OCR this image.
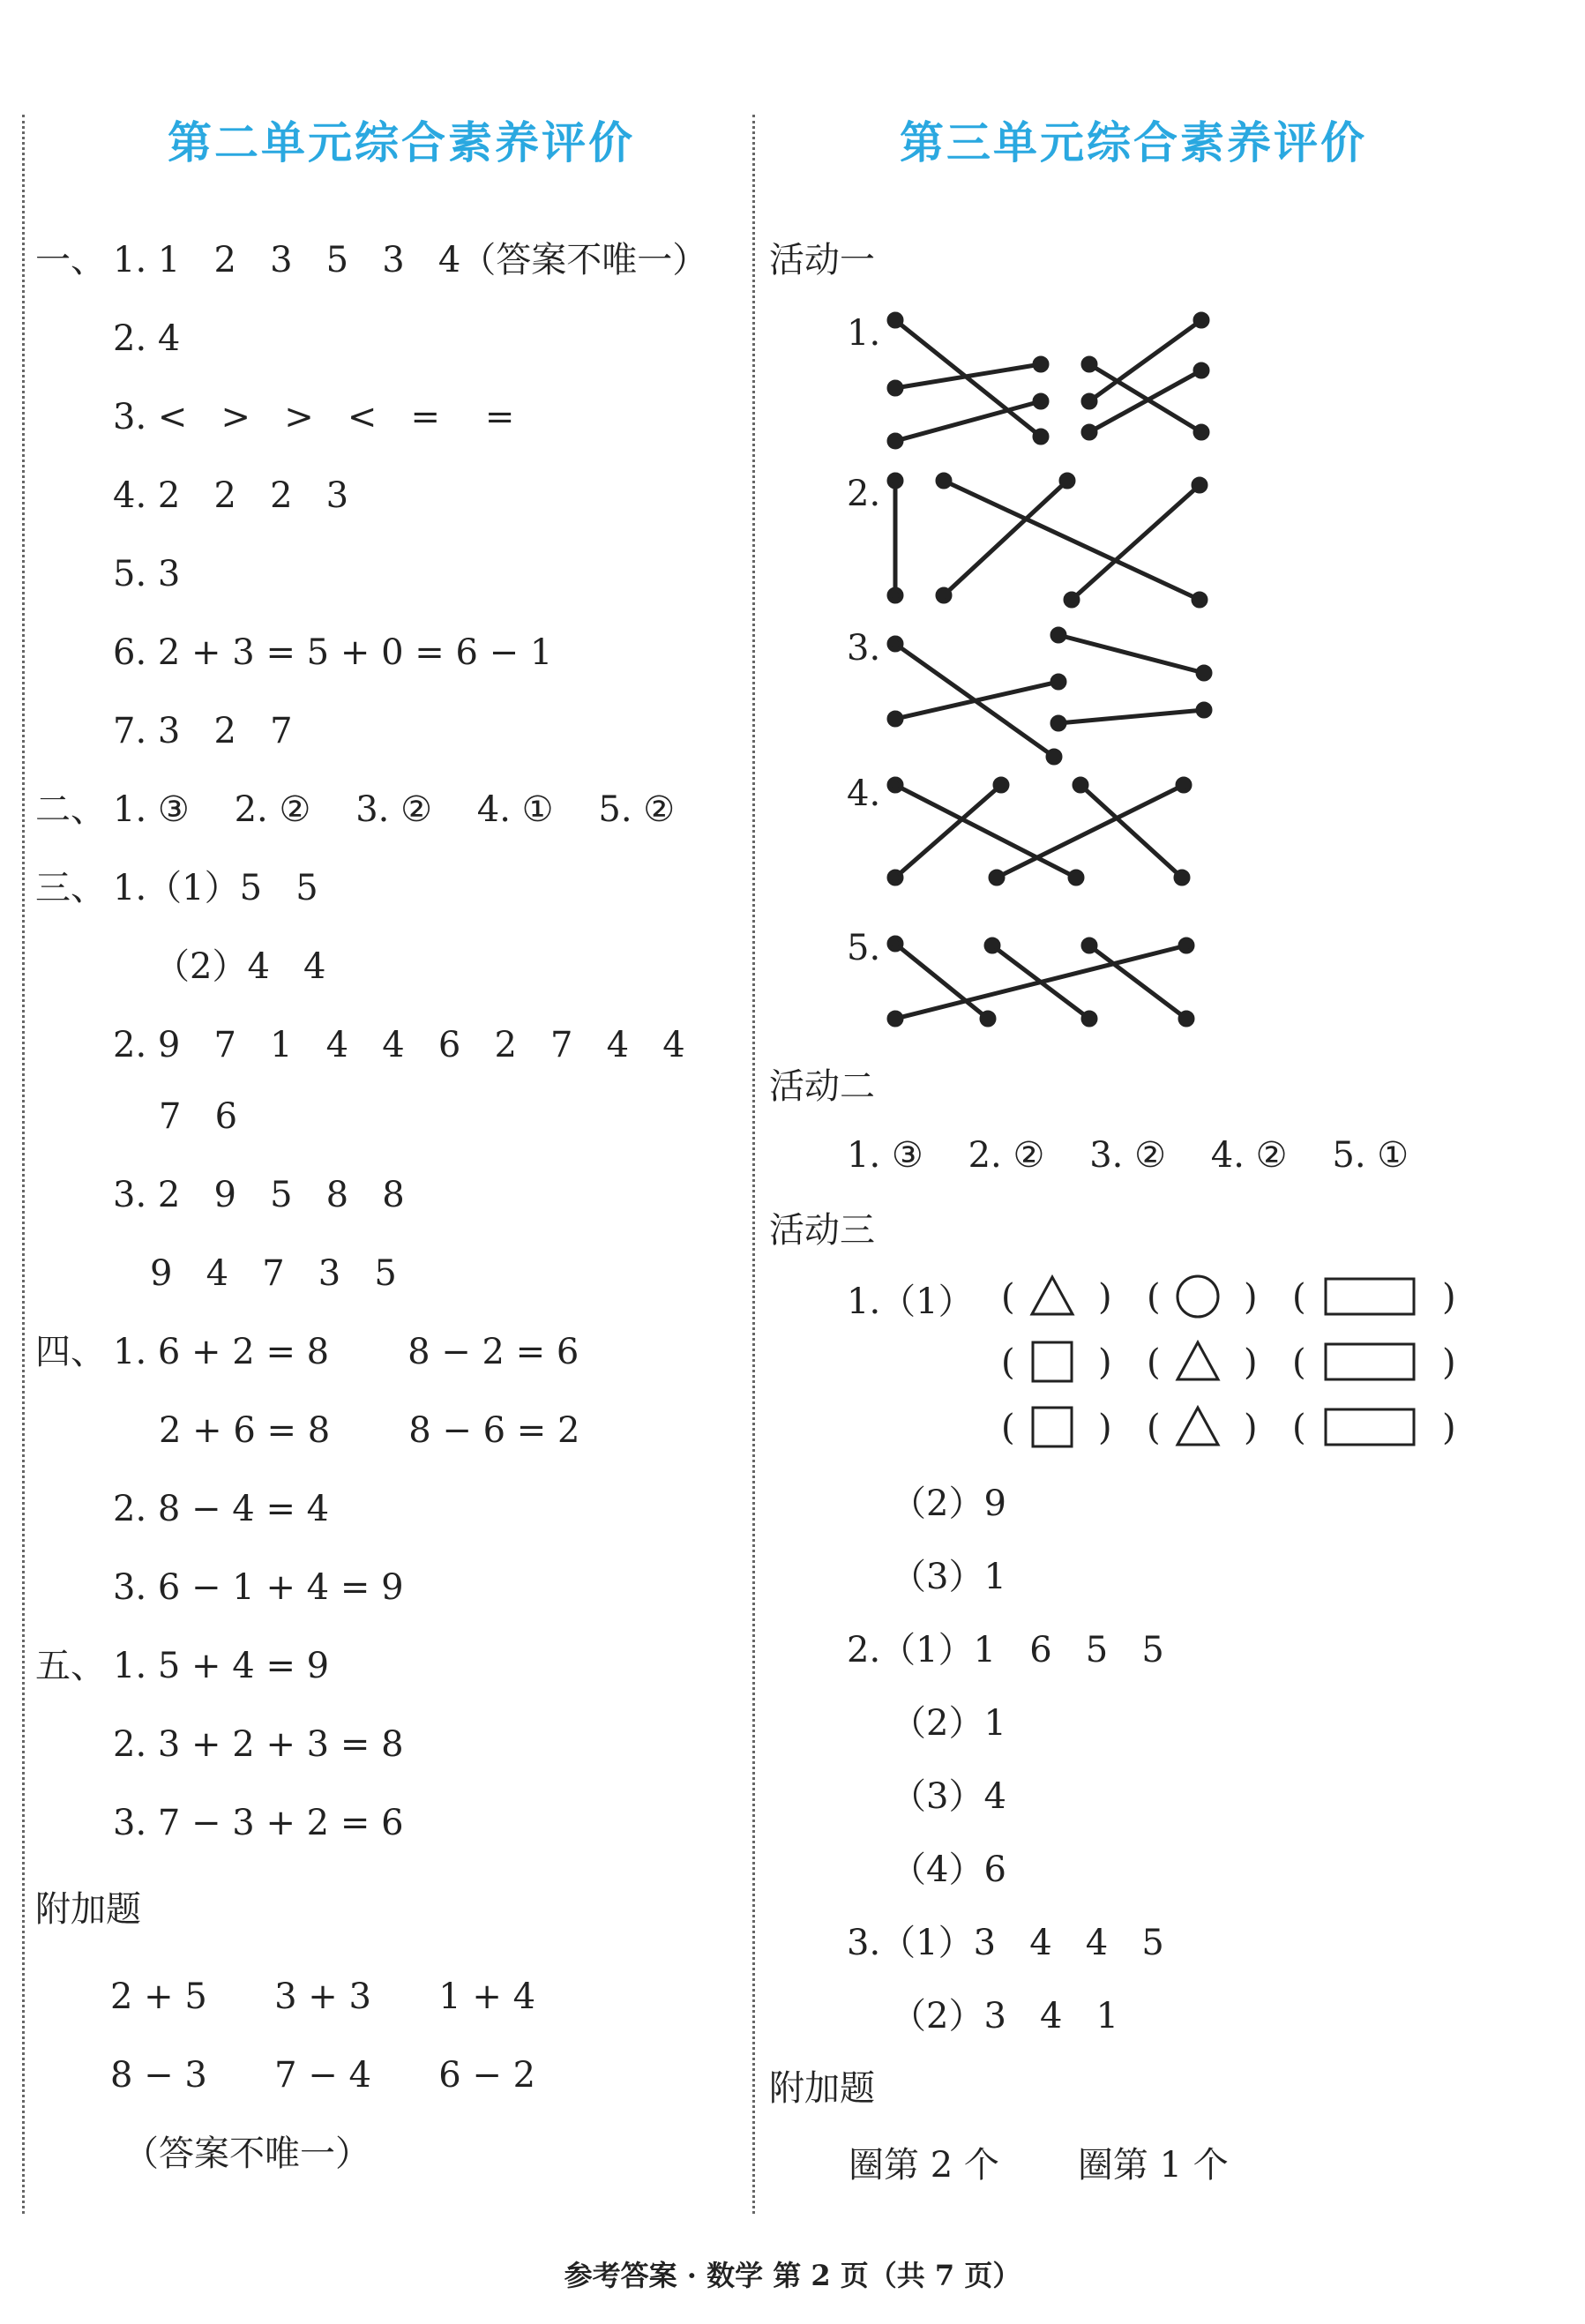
第二单元综合素养评价
一、 1. 1   2   3   5   3   4（答案不唯一）
2. 4
3. <   >   >   <   =    =
4. 2   2   2   3
5. 3
6. 2 + 3 = 5 + 0 = 6 − 1
7. 3   2   7
二、 1. ③    2. ②    3. ②    4. ①    5. ②
三、 1.（1）5   5
（2）4   4
2. 9   7   1   4   4   6   2   7   4   4
7   6
3. 2   9   5   8   8
9   4   7   3   5
四、 1. 6 + 2 = 8       8 − 2 = 6
2 + 6 = 8       8 − 6 = 2
2. 8 − 4 = 4
3. 6 − 1 + 4 = 9
五、 1. 5 + 4 = 9
2. 3 + 2 + 3 = 8
3. 7 − 3 + 2 = 6
附加题
2 + 5      3 + 3      1 + 4
8 − 3      7 − 4      6 − 2
（答案不唯一）
第三单元综合素养评价
活动一
1.
2.
3.
4.
5.
活动二
1. ③    2. ②    3. ②    4. ②    5. ①
活动三
1.（1） ( ) ( ) (	)
( ) ( ) (	)
( ) ( ) (	)
（2）9
（3）1
2.（1）1   6   5   5
（2）1
（3）4
（4）6
3.（1）3   4   4   5
（2）3   4   1
附加题
圈第 2 个       圈第 1 个
参考答案 · 数学 第 2 页（共 7 页）
